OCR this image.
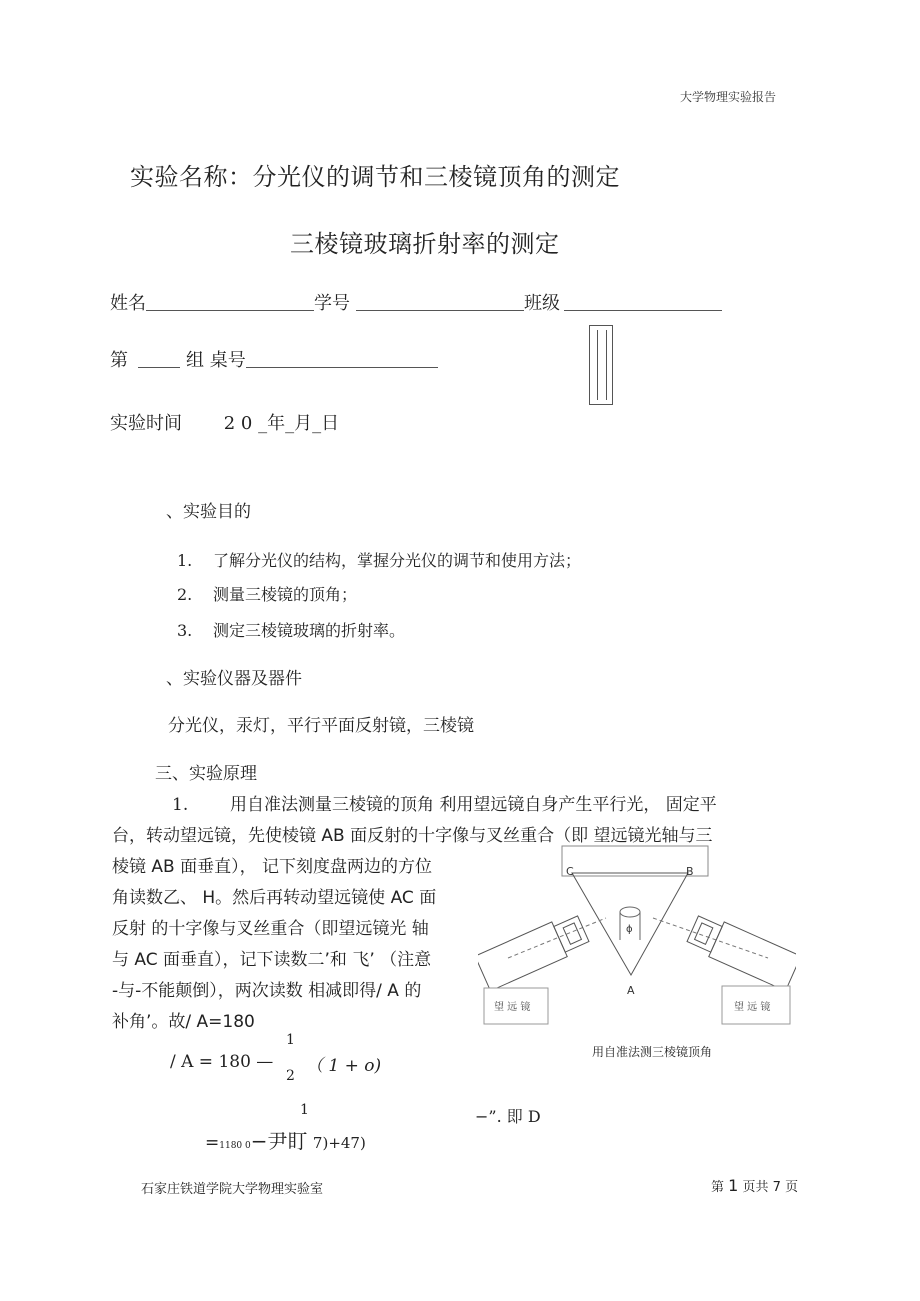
大学物理实验报告
实验名称：分光仪的调节和三棱镜顶角的测定
三棱镜玻璃折射率的测定
姓名	学号	班级
第	组 桌号
实验时间 2 0 _年_月_日
、实验目的
1. 了解分光仪的结构，掌握分光仪的调节和使用方法；
2. 测量三棱镜的顶角；
3. 测定三棱镜玻璃的折射率。
、实验仪器及器件
分光仪，汞灯，平行平面反射镜，三棱镜
三、实验原理
1. 用自准法测量三棱镜的顶角 利用望远镜自身产生平行光， 固定平
台，转动望远镜，先使棱镜 AB 面反射的十字像与叉丝重合（即 望远镜光轴与三
棱镜 AB 面垂直）， 记下刻度盘两边的方位
角读数乙、 H。然后再转动望远镜使 AC 面
反射 的十字像与叉丝重合（即望远镜光 轴
与 AC 面垂直），记下读数二’和 飞’ （注意
-与-不能颠倒），两次读数 相减即得/ A 的
补角’。故/ A=180
望 远 镜	望 远 镜
C	B
A
ϕ
用自准法测三棱镜顶角
1
/ A = 180 —
2 （ 1 + o)
1
=1180 0−尹盯 7)+47)
−”. 即 D
石家庄铁道学院大学物理实验室	第 1 页共 7 页
